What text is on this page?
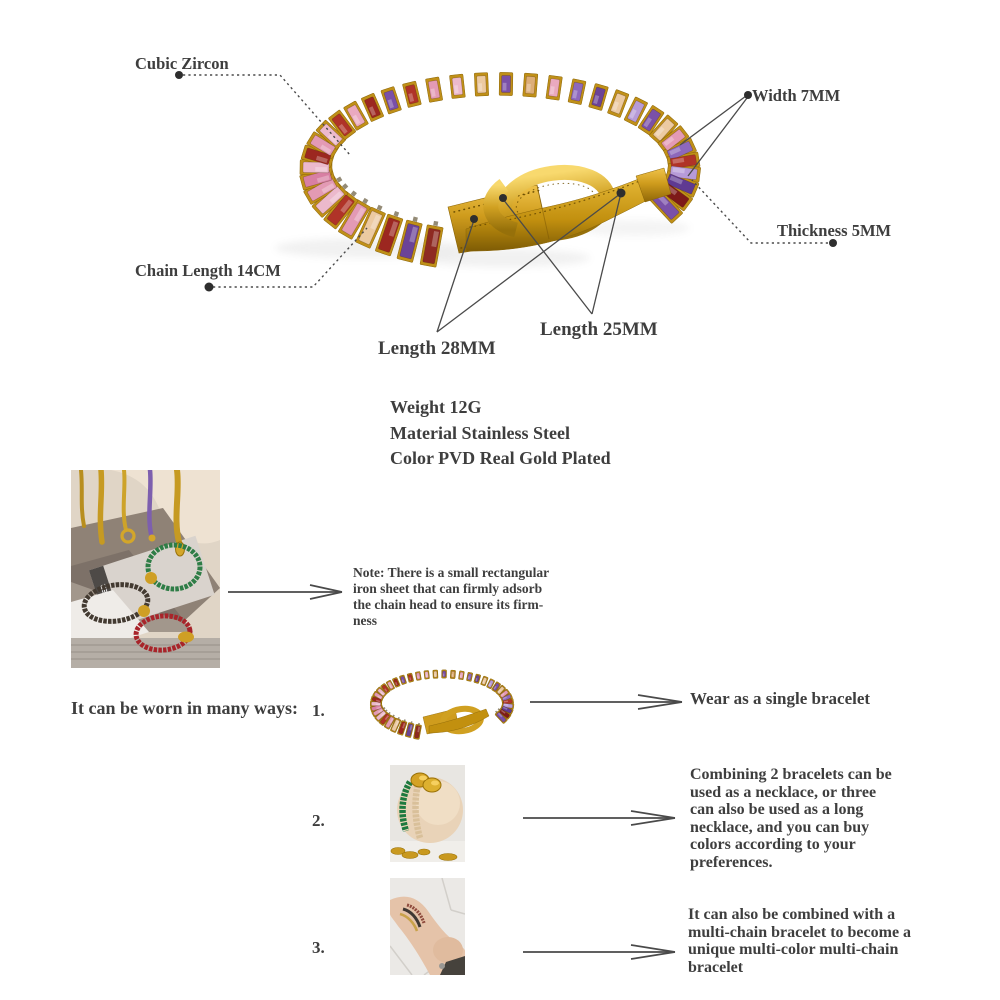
Cubic Zircon
Width 7MM
Thickness 5MM
Chain Length 14CM
Length 28MM
Length 25MM
Weight 12G
Material Stainless Steel
Color PVD Real Gold Plated
Note: There is a small rectangular
iron sheet that can firmly adsorb
the chain head to ensure its firm-
ness
It can be worn in many ways: 1.
2.
3.
Wear as a single bracelet
Combining 2 bracelets can be
used as a necklace, or three
can also be used as a long
necklace, and you can buy
colors according to your
preferences.
It can also be combined with a
multi-chain bracelet to become a
unique multi-color multi-chain
bracelet
